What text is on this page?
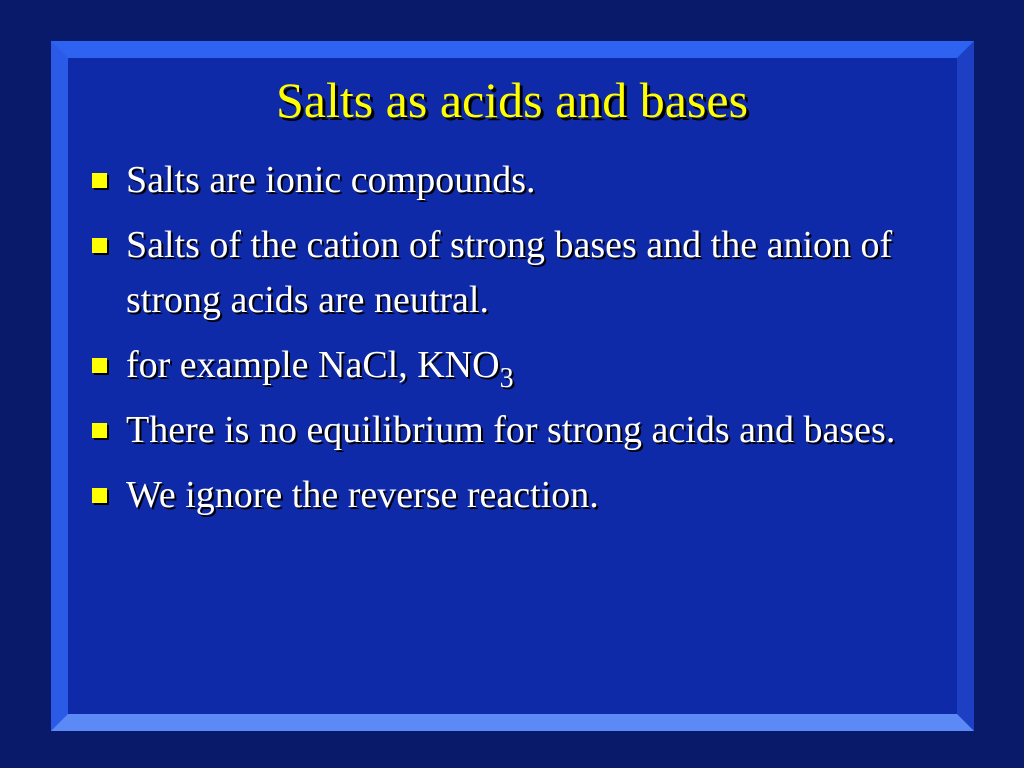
Salts as acids and bases
Salts are ionic compounds.
Salts of the cation of strong bases and the anion of strong acids are neutral.
for example NaCl, $KNO_3$
There is no equilibrium for strong acids and bases.
We ignore the reverse reaction.
